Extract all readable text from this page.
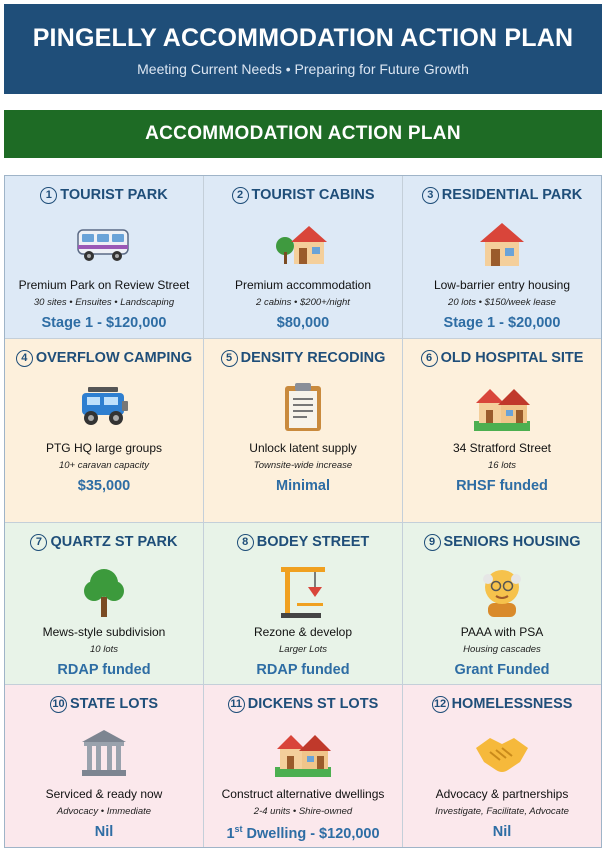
PINGELLY ACCOMMODATION ACTION PLAN
Meeting Current Needs • Preparing for Future Growth
ACCOMMODATION ACTION PLAN
1 TOURIST PARK
Premium Park on Review Street
30 sites • Ensuites • Landscaping
Stage 1 - $120,000
2 TOURIST CABINS
Premium accommodation
2 cabins • $200+/night
$80,000
3 RESIDENTIAL PARK
Low-barrier entry housing
20 lots • $150/week lease
Stage 1 - $20,000
4 OVERFLOW CAMPING
PTG HQ large groups
10+ caravan capacity
$35,000
5 DENSITY RECODING
Unlock latent supply
Townsite-wide increase
Minimal
6 OLD HOSPITAL SITE
34 Stratford Street
16 lots
RHSF funded
7 QUARTZ ST PARK
Mews-style subdivision
10 lots
RDAP funded
8 BODEY STREET
Rezone & develop
Larger Lots
RDAP funded
9 SENIORS HOUSING
PAAA with PSA
Housing cascades
Grant Funded
10 STATE LOTS
Serviced & ready now
Advocacy • Immediate
Nil
11 DICKENS ST LOTS
Construct alternative dwellings
2-4 units • Shire-owned
1st Dwelling - $120,000
12 HOMELESSNESS
Advocacy & partnerships
Investigate, Facilitate, Advocate
Nil
